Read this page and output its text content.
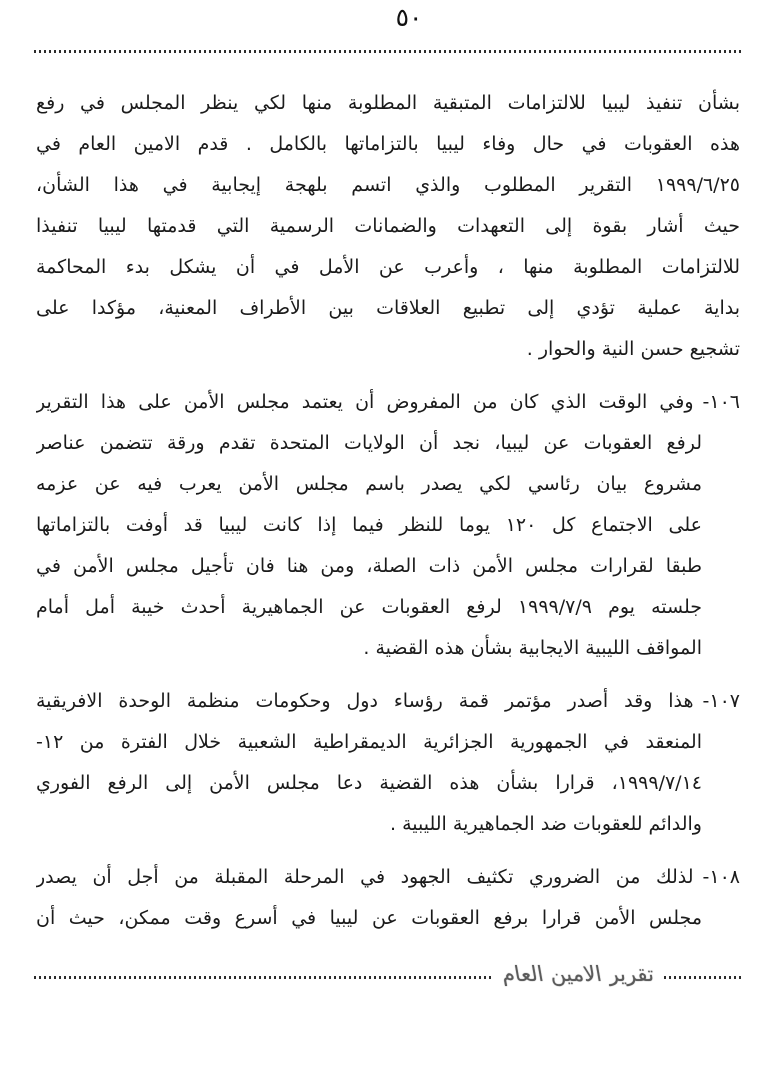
٥٠
بشأن تنفيذ ليبيا للالتزامات المتبقية المطلوبة منها لكي ينظر المجلس في رفع
هذه العقوبات في حال وفاء ليبيا بالتزاماتها بالكامل . قدم الامين العام في
١٩٩٩/٦/٢٥ التقرير المطلوب والذي اتسم بلهجة إيجابية في هذا الشأن،
حيث أشار بقوة إلى التعهدات والضمانات الرسمية التي قدمتها ليبيا تنفيذا
للالتزامات المطلوبة منها ، وأعرب عن الأمل في أن يشكل بدء المحاكمة
بداية عملية تؤدي إلى تطبيع العلاقات بين الأطراف المعنية، مؤكدا على
تشجيع حسن النية والحوار .
١٠٦-وفي الوقت الذي كان من المفروض أن يعتمد مجلس الأمن على هذا التقرير
لرفع العقوبات عن ليبيا، نجد أن الولايات المتحدة تقدم ورقة تتضمن عناصر
مشروع بيان رئاسي لكي يصدر باسم مجلس الأمن يعرب فيه عن عزمه
على الاجتماع كل ١٢٠ يوما للنظر فيما إذا كانت ليبيا قد أوفت بالتزاماتها
طبقا لقرارات مجلس الأمن ذات الصلة، ومن هنا فان تأجيل مجلس الأمن في
جلسته يوم ١٩٩٩/٧/٩ لرفع العقوبات عن الجماهيرية أحدث خيبة أمل أمام
المواقف الليبية الايجابية بشأن هذه القضية .
١٠٧-هذا وقد أصدر مؤتمر قمة رؤساء دول وحكومات منظمة الوحدة الافريقية
المنعقد في الجمهورية الجزائرية الديمقراطية الشعبية خلال الفترة من ١٢-
١٩٩٩/٧/١٤، قرارا بشأن هذه القضية دعا مجلس الأمن إلى الرفع الفوري
والدائم للعقوبات ضد الجماهيرية الليبية .
١٠٨-لذلك من الضروري تكثيف الجهود في المرحلة المقبلة من أجل أن يصدر
مجلس الأمن قرارا برفع العقوبات عن ليبيا في أسرع وقت ممكن، حيث أن
تقرير الامين العام
